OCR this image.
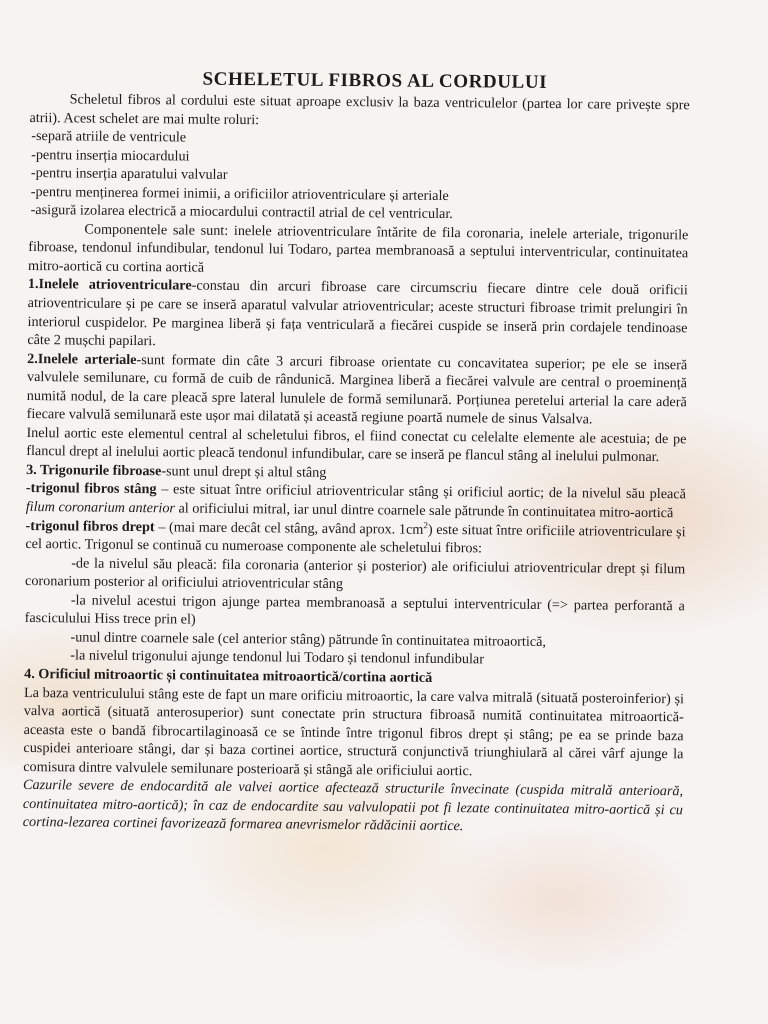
SCHELETUL FIBROS AL CORDULUI

Scheletul fibros al cordului este situat aproape exclusiv la baza ventriculelor (partea lor care privește spre atrii). Acest schelet are mai multe roluri:

-separă atriile de ventricule

-pentru inserția miocardului

-pentru inserția aparatului valvular

-pentru menținerea formei inimii, a orificiilor atrioventriculare și arteriale

-asigură izolarea electrică a miocardului contractil atrial de cel ventricular.

Componentele sale sunt: inelele atrioventriculare întărite de fila coronaria, inelele arteriale, trigonurile fibroase, tendonul infundibular, tendonul lui Todaro, partea membranoasă a septului interventricular, continuitatea mitro-aortică cu cortina aortică

1.Inelele atrioventriculare-constau din arcuri fibroase care circumscriu fiecare dintre cele două orificii atrioventriculare și pe care se inseră aparatul valvular atrioventricular; aceste structuri fibroase trimit prelungiri în interiorul cuspidelor. Pe marginea liberă și fața ventriculară a fiecărei cuspide se inseră prin cordajele tendinoase câte 2 mușchi papilari.

2.Inelele arteriale-sunt formate din câte 3 arcuri fibroase orientate cu concavitatea superior; pe ele se inseră valvulele semilunare, cu formă de cuib de rândunică. Marginea liberă a fiecărei valvule are central o proeminență numită nodul, de la care pleacă spre lateral lunulele de formă semilunară. Porțiunea peretelui arterial la care aderă fiecare valvulă semilunară este ușor mai dilatată și această regiune poartă numele de sinus Valsalva.

Inelul aortic este elementul central al scheletului fibros, el fiind conectat cu celelalte elemente ale acestuia; de pe flancul drept al inelului aortic pleacă tendonul infundibular, care se inseră pe flancul stâng al inelului pulmonar.

3. Trigonurile fibroase-sunt unul drept și altul stâng

-trigonul fibros stâng – este situat între orificiul atrioventricular stâng și orificiul aortic; de la nivelul său pleacă filum coronarium anterior al orificiului mitral, iar unul dintre coarnele sale pătrunde în continuitatea mitro-aortică

-trigonul fibros drept – (mai mare decât cel stâng, având aprox. $1cm^2$) este situat între orificiile atrioventriculare și cel aortic. Trigonul se continuă cu numeroase componente ale scheletului fibros:

-de la nivelul său pleacă: fila coronaria (anterior și posterior) ale orificiului atrioventricular drept și filum coronarium posterior al orificiului atrioventricular stâng

-la nivelul acestui trigon ajunge partea membranoasă a septului interventricular (=> partea perforantă a fasciculului Hiss trece prin el)

-unul dintre coarnele sale (cel anterior stâng) pătrunde în continuitatea mitroaortică,

-la nivelul trigonului ajunge tendonul lui Todaro și tendonul infundibular

4. Orificiul mitroaortic și continuitatea mitroaortică/cortina aortică

La baza ventriculului stâng este de fapt un mare orificiu mitroaortic, la care valva mitrală (situată posteroinferior) și valva aortică (situată anterosuperior) sunt conectate prin structura fibroasă numită continuitatea mitroaortică- aceasta este o bandă fibrocartilaginoasă ce se întinde între trigonul fibros drept și stâng; pe ea se prinde baza cuspidei anterioare stângi, dar și baza cortinei aortice, structură conjunctivă triunghiulară al cărei vârf ajunge la comisura dintre valvulele semilunare posterioară și stângă ale orificiului aortic.

Cazurile severe de endocardită ale valvei aortice afectează structurile învecinate (cuspida mitrală anterioară, continuitatea mitro-aortică); în caz de endocardite sau valvulopatii pot fi lezate continuitatea mitro-aortică și cu cortina-lezarea cortinei favorizează formarea anevrismelor rădăcinii aortice.
